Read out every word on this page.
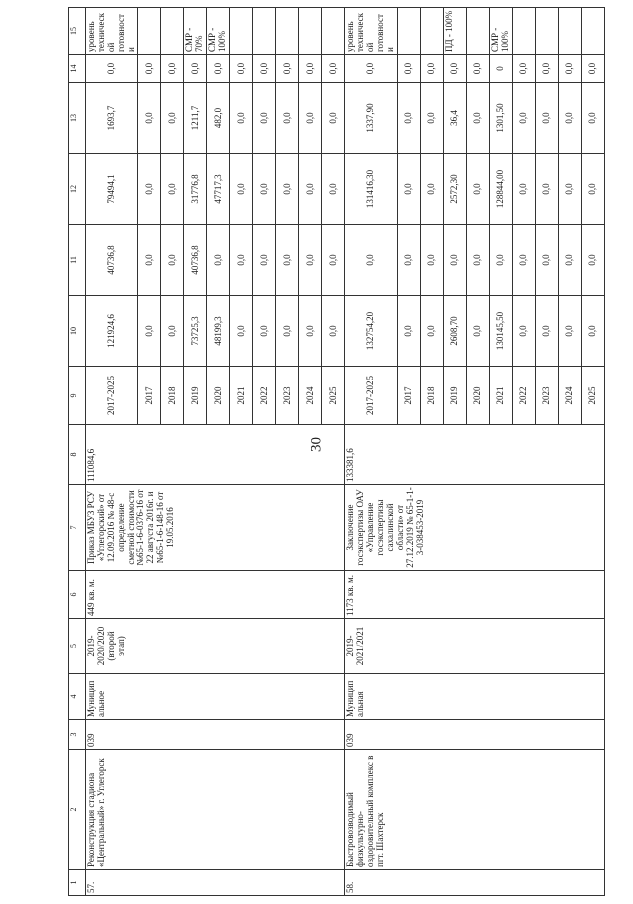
30
1	2	3	4	5	6	7	8	9	10	11	12	13	14	15
57.	Реконструкция стадиона «Центральный» г. Углегорск	039	Муницип альное	2019-2020/2020 (второй этап)	449 кв. м.	Приказ МБУЗ РСУ «Углегорский» от 12.09.2016 № 48-с определение сметной стоимости №65-1-6-0376-16 от 22 августа 2016г. и №65-1-6-148-16 от 19.05.2016	111084,6	2017-2025	121924,6	40736,8	79494,1	1693,7	0,0	уровень технической готовности
								2017	0,0	0,0	0,0	0,0	0,0	
								2018	0,0	0,0	0,0	0,0	0,0	
								2019	73725,3	40736,8	31776,8	1211,7	0,0	СМР - 70%
								2020	48199,3	0,0	47717,3	482,0	0,0	СМР - 100%
								2021	0,0	0,0	0,0	0,0	0,0	
								2022	0,0	0,0	0,0	0,0	0,0	
								2023	0,0	0,0	0,0	0,0	0,0	
								2024	0,0	0,0	0,0	0,0	0,0	
								2025	0,0	0,0	0,0	0,0	0,0	
58.	Быстровозводимый физкультурно-оздоровительный комплекс в пгт. Шахтерск	039	Муницип альная	2019-2021/2021	1173 кв. м.	Заключение госэкспертизы ОАУ «Управление госэкспертизы сахалинской области» от 27.12.2019 № 65-1-1-3-038453-2019	133381,6	2017-2025	132754,20	0,0	131416,30	1337,90	0,0	уровень технической готовности
								2017	0,0	0,0	0,0	0,0	0,0	
								2018	0,0	0,0	0,0	0,0	0,0	
								2019	2608,70	0,0	2572,30	36,4	0,0	ПД - 100%
								2020	0,0	0,0	0,0	0,0	0,0	
								2021	130145,50	0,0	128844,00	1301,50	0	СМР - 100%
								2022	0,0	0,0	0,0	0,0	0,0	
								2023	0,0	0,0	0,0	0,0	0,0	
								2024	0,0	0,0	0,0	0,0	0,0	
								2025	0,0	0,0	0,0	0,0	0,0	
